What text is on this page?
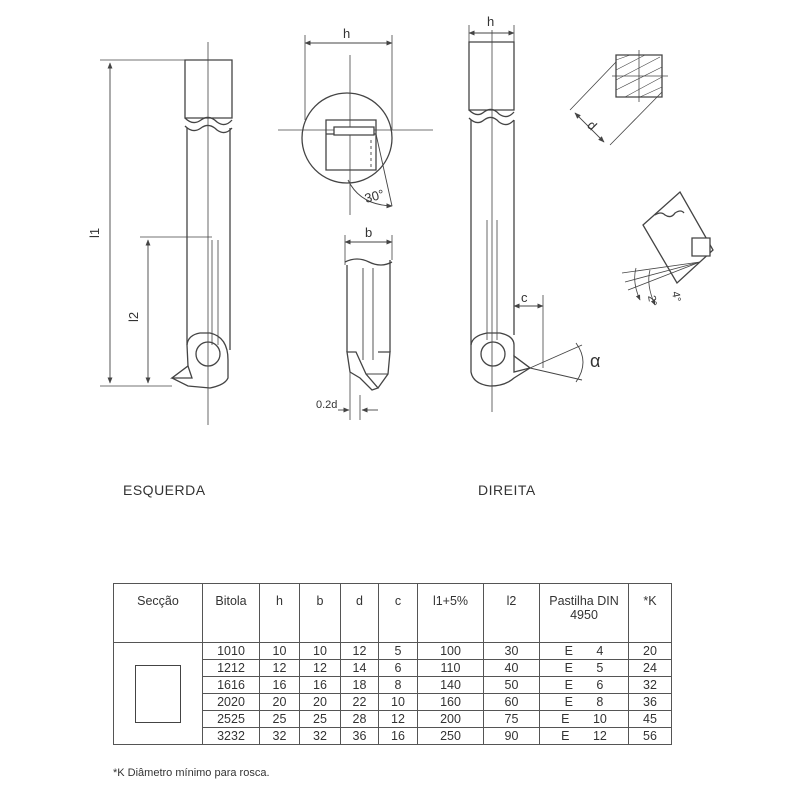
l1
l2
h
30°
b
0.2d
h
c
α
d
4°
2°
ESQUERDA	DIREITA
Secção	Bitola	h	b	d	c	l1+5%	l2	Pastilha DIN 4950	*K

	1010	10	10	12	5	100	30	E 4	20
	1212	12	12	14	6	110	40	E 5	24
	1616	16	16	18	8	140	50	E 6	32
	2020	20	20	22	10	160	60	E 8	36
	2525	25	25	28	12	200	75	E 10	45
	3232	32	32	36	16	250	90	E 12	56
*K Diâmetro mínimo para rosca.
